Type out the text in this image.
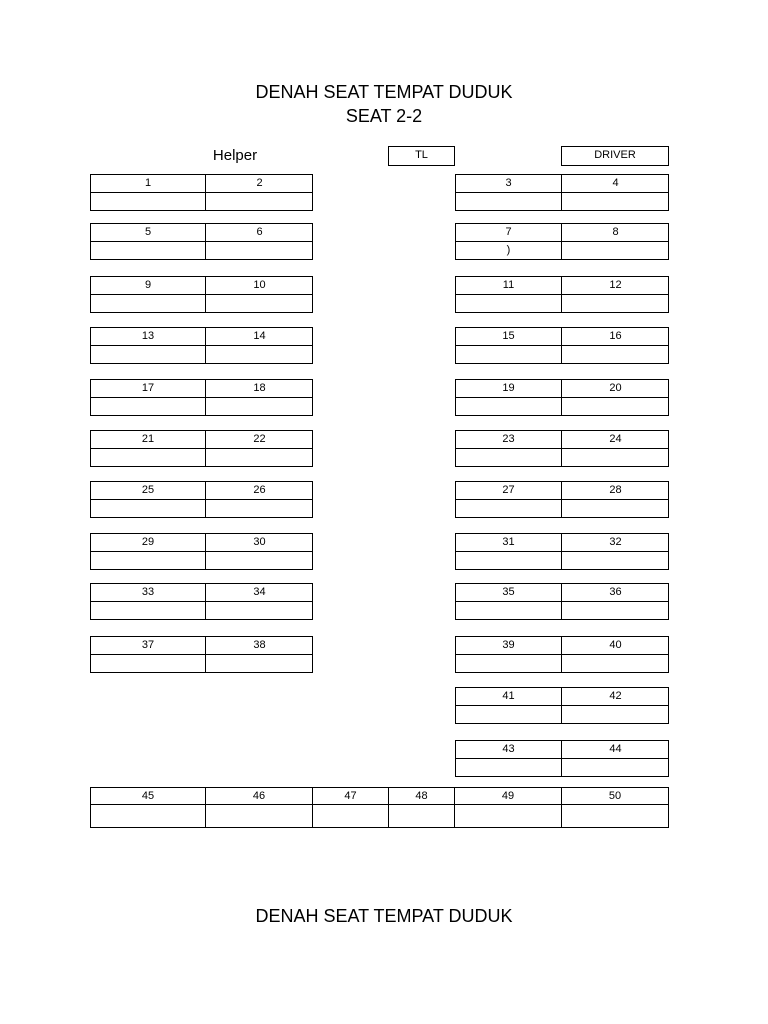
DENAH SEAT TEMPAT DUDUK
SEAT 2-2
Helper	TL	DRIVER
1	2
5	6
9	10
13	14
17	18
21	22
25	26
29	30
33	34
37	38
3	4
7	8
)
11	12
15	16
19	20
23	24
27	28
31	32
35	36
39	40
41	42
43	44
45	46	47	48	49	50
DENAH SEAT TEMPAT DUDUK
